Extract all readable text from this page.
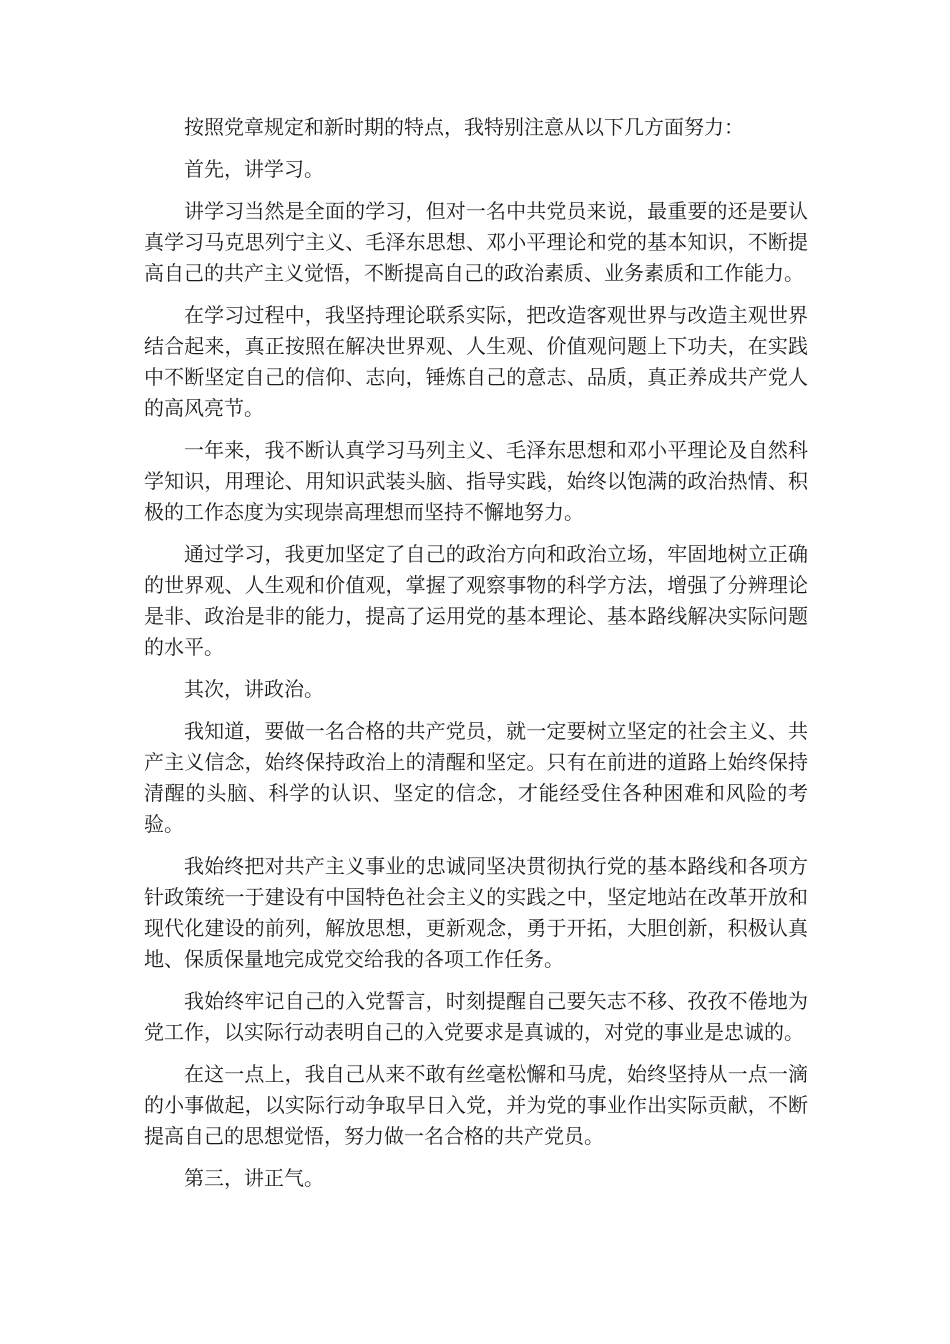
按照党章规定和新时期的特点，我特别注意从以下几方面努力：

首先，讲学习。

讲学习当然是全面的学习，但对一名中共党员来说，最重要的还是要认真学习马克思列宁主义、毛泽东思想、邓小平理论和党的基本知识，不断提高自己的共产主义觉悟，不断提高自己的政治素质、业务素质和工作能力。

在学习过程中，我坚持理论联系实际，把改造客观世界与改造主观世界结合起来，真正按照在解决世界观、人生观、价值观问题上下功夫，在实践中不断坚定自己的信仰、志向，锤炼自己的意志、品质，真正养成共产党人的高风亮节。

一年来，我不断认真学习马列主义、毛泽东思想和邓小平理论及自然科学知识，用理论、用知识武装头脑、指导实践，始终以饱满的政治热情、积极的工作态度为实现崇高理想而坚持不懈地努力。

通过学习，我更加坚定了自己的政治方向和政治立场，牢固地树立正确的世界观、人生观和价值观，掌握了观察事物的科学方法，增强了分辨理论是非、政治是非的能力，提高了运用党的基本理论、基本路线解决实际问题的水平。

其次，讲政治。

我知道，要做一名合格的共产党员，就一定要树立坚定的社会主义、共产主义信念，始终保持政治上的清醒和坚定。只有在前进的道路上始终保持清醒的头脑、科学的认识、坚定的信念，才能经受住各种困难和风险的考验。

我始终把对共产主义事业的忠诚同坚决贯彻执行党的基本路线和各项方针政策统一于建设有中国特色社会主义的实践之中，坚定地站在改革开放和现代化建设的前列，解放思想，更新观念，勇于开拓，大胆创新，积极认真地、保质保量地完成党交给我的各项工作任务。

我始终牢记自己的入党誓言，时刻提醒自己要矢志不移、孜孜不倦地为党工作，以实际行动表明自己的入党要求是真诚的，对党的事业是忠诚的。

在这一点上，我自己从来不敢有丝毫松懈和马虎，始终坚持从一点一滴的小事做起，以实际行动争取早日入党，并为党的事业作出实际贡献，不断提高自己的思想觉悟，努力做一名合格的共产党员。

第三，讲正气。
